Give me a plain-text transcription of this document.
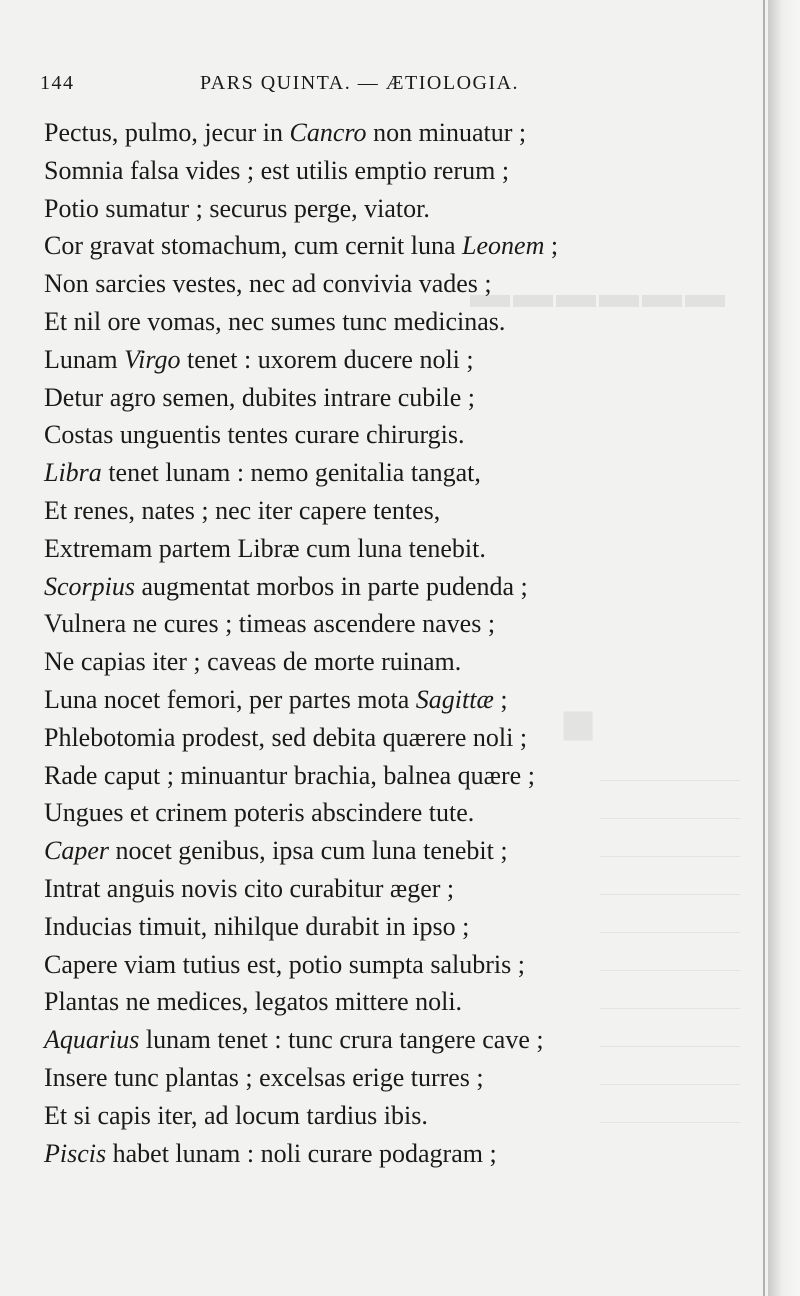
▬▬▬▬▬▬
■
———————
———————
———————
———————
———————
———————
———————
———————
———————
———————
144	PARS QUINTA. — ÆTIOLOGIA.
Pectus, pulmo, jecur in Cancro non minuatur ;
Somnia falsa vides ; est utilis emptio rerum ;
Potio sumatur ; securus perge, viator.
Cor gravat stomachum, cum cernit luna Leonem ;
Non sarcies vestes, nec ad convivia vades ;
Et nil ore vomas, nec sumes tunc medicinas.
Lunam Virgo tenet : uxorem ducere noli ;
Detur agro semen, dubites intrare cubile ;
Costas unguentis tentes curare chirurgis.
Libra tenet lunam : nemo genitalia tangat,
Et renes, nates ; nec iter capere tentes,
Extremam partem Libræ cum luna tenebit.
Scorpius augmentat morbos in parte pudenda ;
Vulnera ne cures ; timeas ascendere naves ;
Ne capias iter ; caveas de morte ruinam.
Luna nocet femori, per partes mota Sagittæ ;
Phlebotomia prodest, sed debita quærere noli ;
Rade caput ; minuantur brachia, balnea quære ;
Ungues et crinem poteris abscindere tute.
Caper nocet genibus, ipsa cum luna tenebit ;
Intrat anguis novis cito curabitur æger ;
Inducias timuit, nihilque durabit in ipso ;
Capere viam tutius est, potio sumpta salubris ;
Plantas ne medices, legatos mittere noli.
Aquarius lunam tenet : tunc crura tangere cave ;
Insere tunc plantas ; excelsas erige turres ;
Et si capis iter, ad locum tardius ibis.
Piscis habet lunam : noli curare podagram ;
